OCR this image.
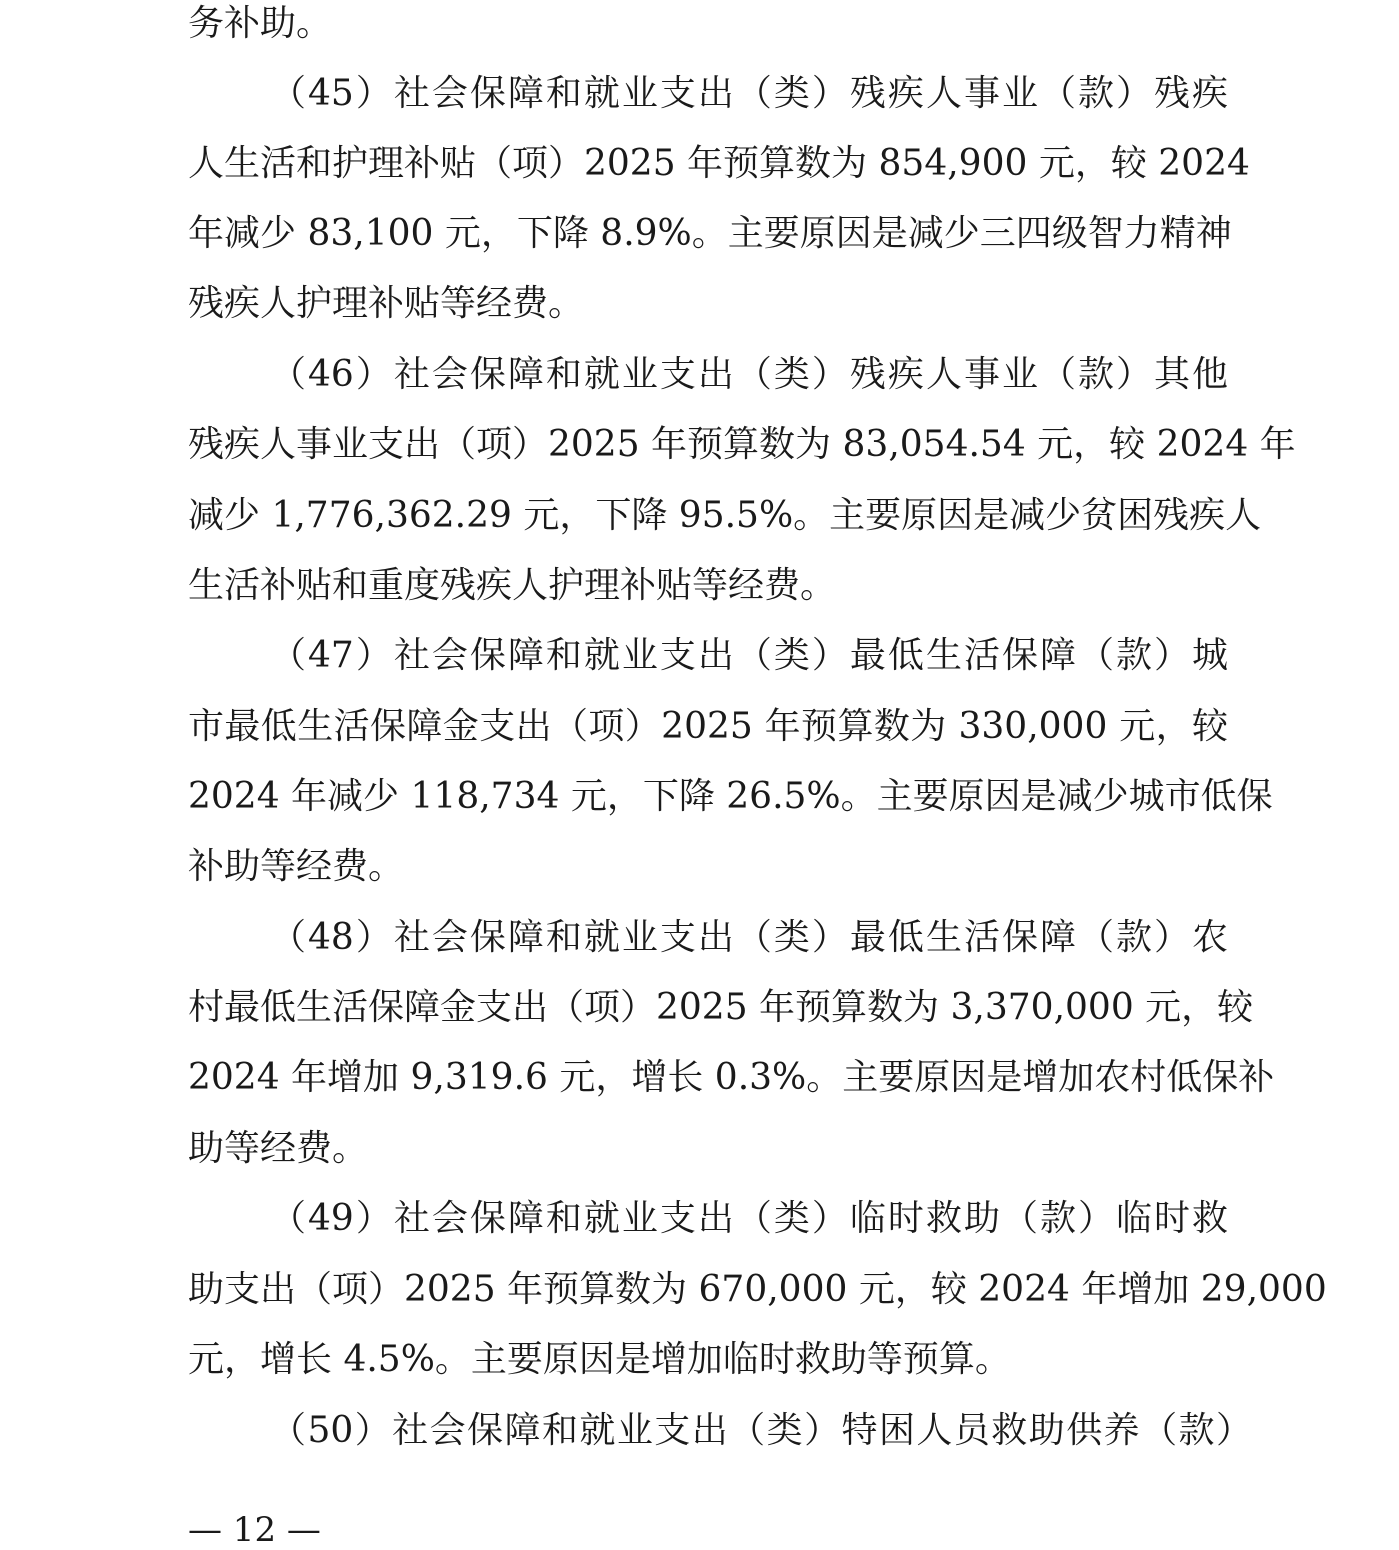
务补助。
（45）社会保障和就业支出（类）残疾人事业（款）残疾
人生活和护理补贴（项）2025 年预算数为 854,900 元，较 2024
年减少 83,100 元，下降 8.9%。主要原因是减少三四级智力精神
残疾人护理补贴等经费。
（46）社会保障和就业支出（类）残疾人事业（款）其他
残疾人事业支出（项）2025 年预算数为 83,054.54 元，较 2024 年
减少 1,776,362.29 元，下降 95.5%。主要原因是减少贫困残疾人
生活补贴和重度残疾人护理补贴等经费。
（47）社会保障和就业支出（类）最低生活保障（款）城
市最低生活保障金支出（项）2025 年预算数为 330,000 元，较
2024 年减少 118,734 元，下降 26.5%。主要原因是减少城市低保
补助等经费。
（48）社会保障和就业支出（类）最低生活保障（款）农
村最低生活保障金支出（项）2025 年预算数为 3,370,000 元，较
2024 年增加 9,319.6 元，增长 0.3%。主要原因是增加农村低保补
助等经费。
（49）社会保障和就业支出（类）临时救助（款）临时救
助支出（项）2025 年预算数为 670,000 元，较 2024 年增加 29,000
元，增长 4.5%。主要原因是增加临时救助等预算。
（50）社会保障和就业支出（类）特困人员救助供养（款）
— 12 —
